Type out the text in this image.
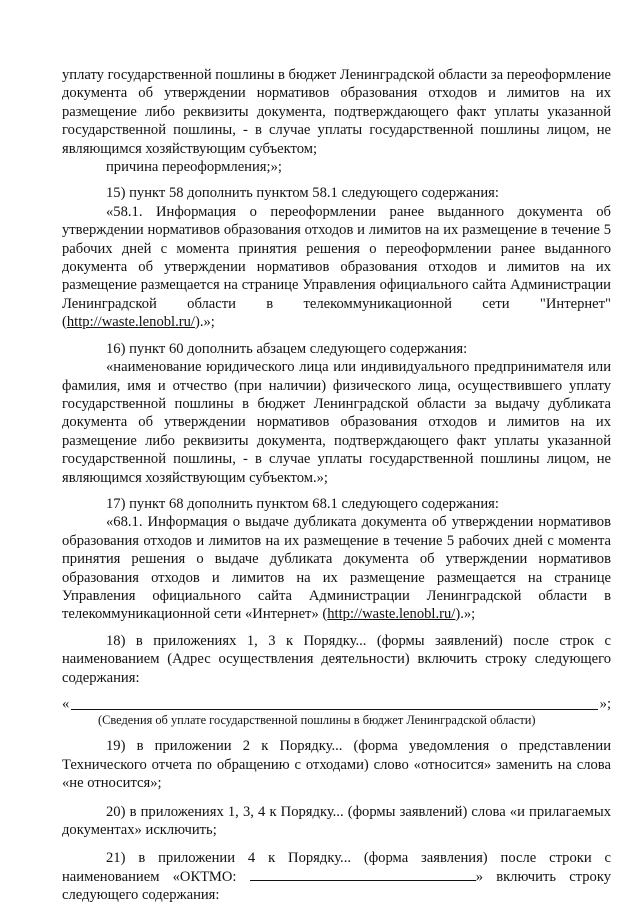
уплату государственной пошлины в бюджет Ленинградской области за переоформление документа об утверждении нормативов образования отходов и лимитов на их размещение либо реквизиты документа, подтверждающего факт уплаты указанной государственной пошлины, - в случае уплаты государственной пошлины лицом, не являющимся хозяйствующим субъектом;

причина переоформления;»;

15) пункт 58 дополнить пунктом 58.1 следующего содержания:

«58.1. Информация о переоформлении ранее выданного документа об утверждении нормативов образования отходов и лимитов на их размещение в течение 5 рабочих дней с момента принятия решения о переоформлении ранее выданного документа об утверждении нормативов образования отходов и лимитов на их размещение размещается на странице Управления официального сайта Администрации Ленинградской области в телекоммуникационной сети "Интернет" (http://waste.lenobl.ru/).»;

16) пункт 60 дополнить абзацем следующего содержания:

«наименование юридического лица или индивидуального предпринимателя или фамилия, имя и отчество (при наличии) физического лица, осуществившего уплату государственной пошлины в бюджет Ленинградской области за выдачу дубликата документа об утверждении нормативов образования отходов и лимитов на их размещение либо реквизиты документа, подтверждающего факт уплаты указанной государственной пошлины, - в случае уплаты государственной пошлины лицом, не являющимся хозяйствующим субъектом.»;

17) пункт 68 дополнить пунктом 68.1 следующего содержания:

«68.1. Информация о выдаче дубликата документа об утверждении нормативов образования отходов и лимитов на их размещение в течение 5 рабочих дней с момента принятия решения о выдаче дубликата документа об утверждении нормативов образования отходов и лимитов на их размещение размещается на странице Управления официального сайта Администрации Ленинградской области в телекоммуникационной сети «Интернет» (http://waste.lenobl.ru/).»;

18) в приложениях 1, 3 к Порядку... (формы заявлений) после строк с наименованием (Адрес осуществления деятельности) включить строку следующего содержания:

«	»;

(Сведения об уплате государственной пошлины в бюджет Ленинградской области)

19) в приложении 2 к Порядку... (форма уведомления о представлении Технического отчета по обращению с отходами) слово «относится» заменить на слова «не относится»;

20) в приложениях 1, 3, 4 к Порядку... (формы заявлений) слова «и прилагаемых документах» исключить;

21) в приложении 4 к Порядку... (форма заявления) после строки с наименованием «ОКТМО:	» включить строку следующего содержания:
